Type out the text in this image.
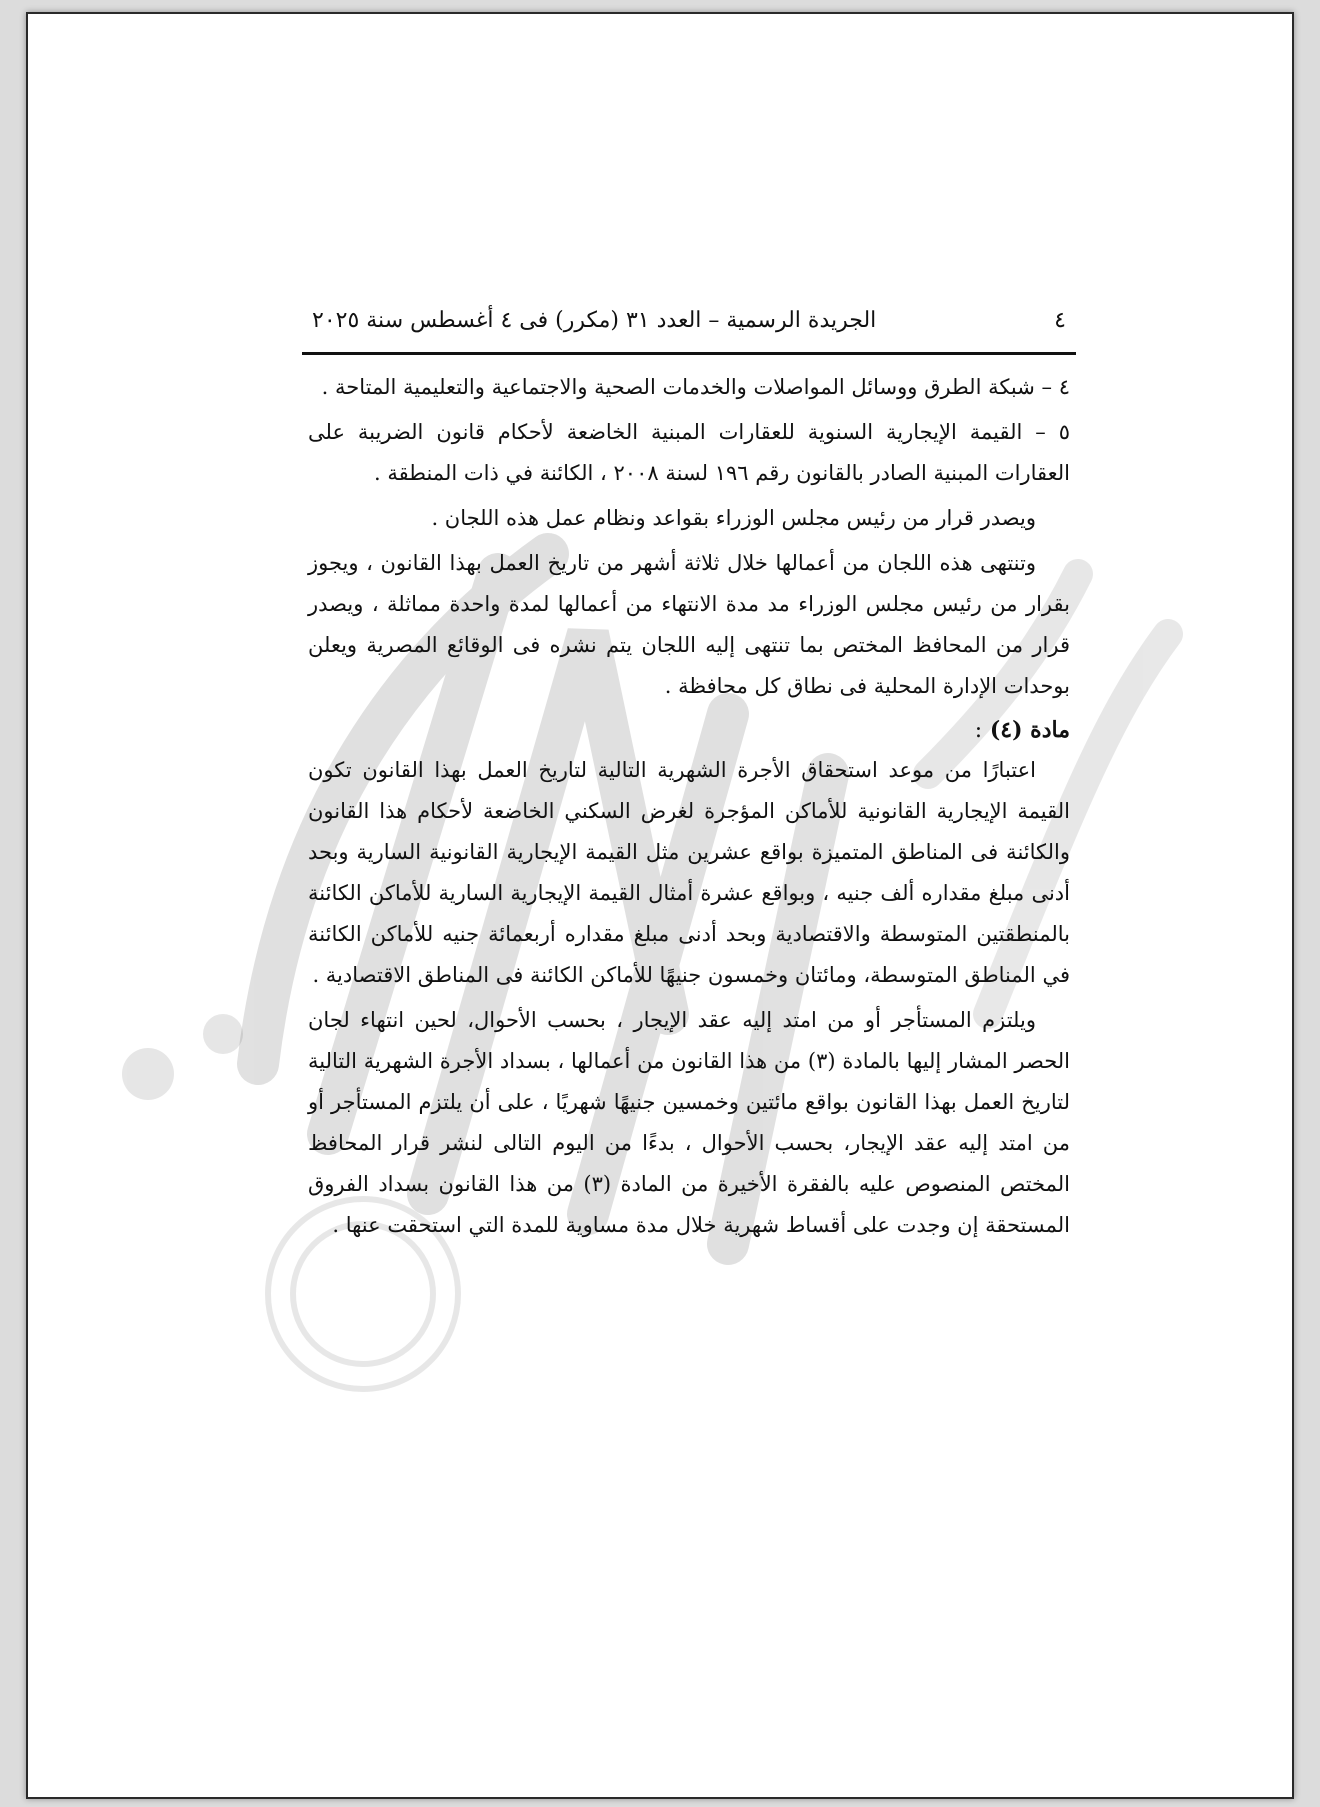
٤
الجريدة الرسمية – العدد ٣١ (مكرر) فى ٤ أغسطس سنة ٢٠٢٥

٤ – شبكة الطرق ووسائل المواصلات والخدمات الصحية والاجتماعية والتعليمية المتاحة .

٥ – القيمة الإيجارية السنوية للعقارات المبنية الخاضعة لأحكام قانون الضريبة على العقارات المبنية الصادر بالقانون رقم ١٩٦ لسنة ٢٠٠٨ ، الكائنة في ذات المنطقة .

ويصدر قرار من رئيس مجلس الوزراء بقواعد ونظام عمل هذه اللجان .

وتنتهى هذه اللجان من أعمالها خلال ثلاثة أشهر من تاريخ العمل بهذا القانون ، ويجوز بقرار من رئيس مجلس الوزراء مد مدة الانتهاء من أعمالها لمدة واحدة مماثلة ، ويصدر قرار من المحافظ المختص بما تنتهى إليه اللجان يتم نشره فى الوقائع المصرية ويعلن بوحدات الإدارة المحلية فى نطاق كل محافظة .

مادة (٤) :

اعتبارًا من موعد استحقاق الأجرة الشهرية التالية لتاريخ العمل بهذا القانون تكون القيمة الإيجارية القانونية للأماكن المؤجرة لغرض السكني الخاضعة لأحكام هذا القانون والكائنة فى المناطق المتميزة بواقع عشرين مثل القيمة الإيجارية القانونية السارية وبحد أدنى مبلغ مقداره ألف جنيه ، وبواقع عشرة أمثال القيمة الإيجارية السارية للأماكن الكائنة بالمنطقتين المتوسطة والاقتصادية وبحد أدنى مبلغ مقداره أربعمائة جنيه للأماكن الكائنة في المناطق المتوسطة، ومائتان وخمسون جنيهًا للأماكن الكائنة فى المناطق الاقتصادية .

ويلتزم المستأجر أو من امتد إليه عقد الإيجار ، بحسب الأحوال، لحين انتهاء لجان الحصر المشار إليها بالمادة (٣) من هذا القانون من أعمالها ، بسداد الأجرة الشهرية التالية لتاريخ العمل بهذا القانون بواقع مائتين وخمسين جنيهًا شهريًا ، على أن يلتزم المستأجر أو من امتد إليه عقد الإيجار، بحسب الأحوال ، بدءًا من اليوم التالى لنشر قرار المحافظ المختص المنصوص عليه بالفقرة الأخيرة من المادة (٣) من هذا القانون بسداد الفروق المستحقة إن وجدت على أقساط شهرية خلال مدة مساوية للمدة التي استحقت عنها .
